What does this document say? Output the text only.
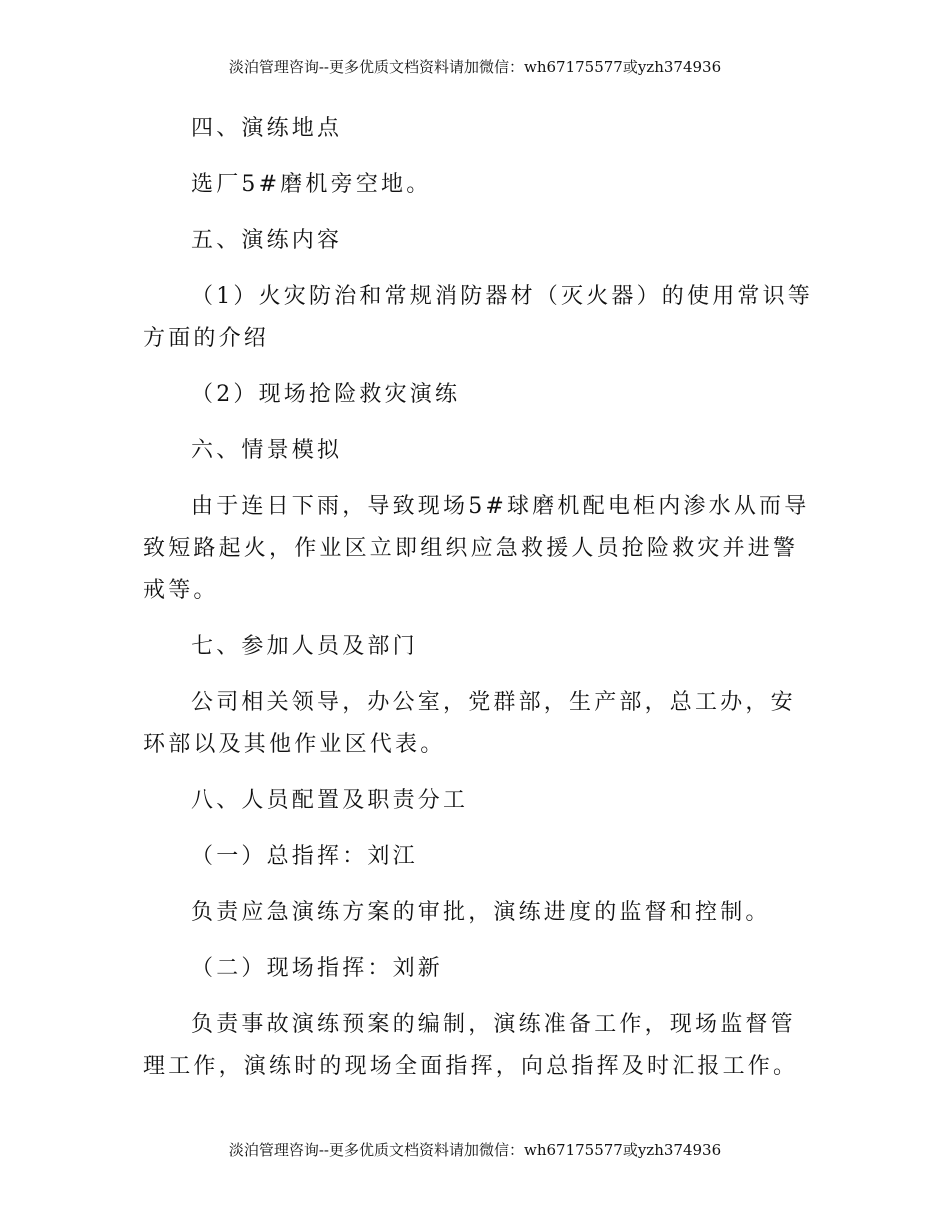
淡泊管理咨询--更多优质文档资料请加微信：wh67175577或yzh374936

四、演练地点

选厂5#磨机旁空地。

五、演练内容

（1）火灾防治和常规消防器材（灭火器）的使用常识等方面的介绍

（2）现场抢险救灾演练

六、情景模拟

由于连日下雨，导致现场5#球磨机配电柜内渗水从而导致短路起火，作业区立即组织应急救援人员抢险救灾并进警戒等。

七、参加人员及部门

公司相关领导，办公室，党群部，生产部，总工办，安环部以及其他作业区代表。

八、人员配置及职责分工

（一）总指挥：刘江

负责应急演练方案的审批，演练进度的监督和控制。

（二）现场指挥：刘新

负责事故演练预案的编制，演练准备工作，现场监督管理工作，演练时的现场全面指挥，向总指挥及时汇报工作。

淡泊管理咨询--更多优质文档资料请加微信：wh67175577或yzh374936
